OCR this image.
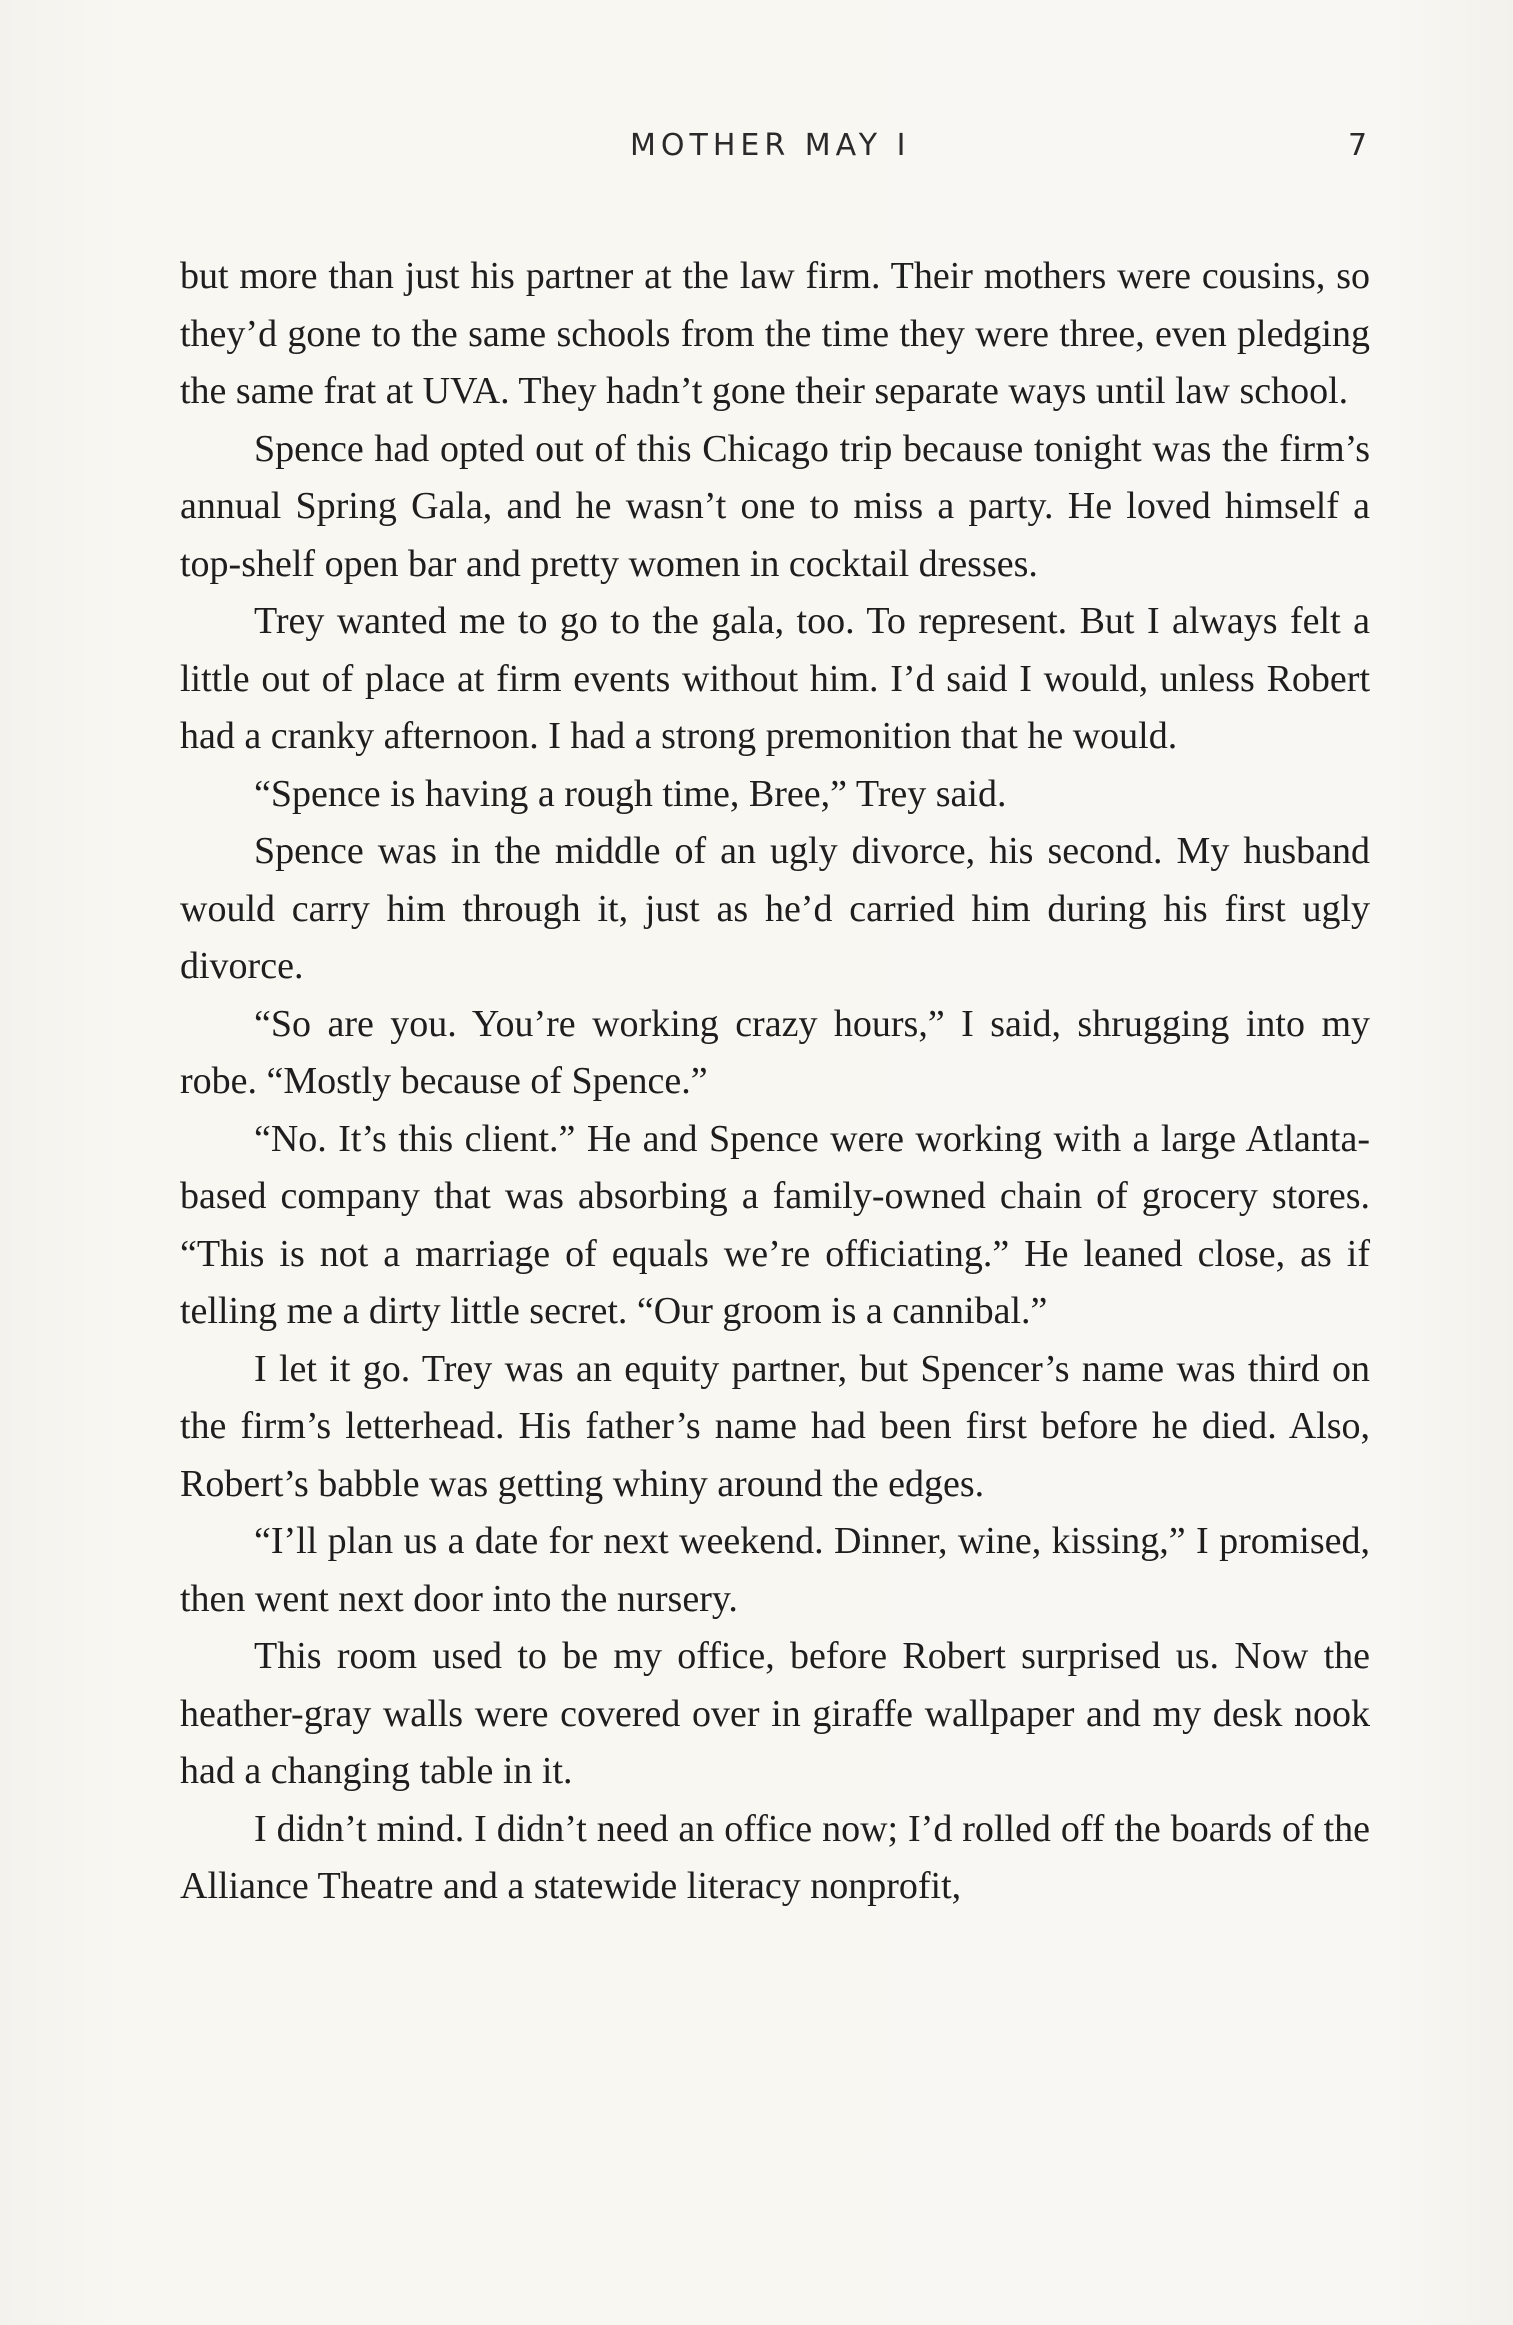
MOTHER MAY I	7

but more than just his partner at the law firm. Their mothers were cousins, so they’d gone to the same schools from the time they were three, even pledging the same frat at UVA. They hadn’t gone their separate ways until law school.

Spence had opted out of this Chicago trip because tonight was the firm’s annual Spring Gala, and he wasn’t one to miss a party. He loved himself a top-shelf open bar and pretty women in cocktail dresses.

Trey wanted me to go to the gala, too. To represent. But I always felt a little out of place at firm events without him. I’d said I would, unless Robert had a cranky afternoon. I had a strong premonition that he would.

“Spence is having a rough time, Bree,” Trey said.

Spence was in the middle of an ugly divorce, his second. My husband would carry him through it, just as he’d carried him during his first ugly divorce.

“So are you. You’re working crazy hours,” I said, shrugging into my robe. “Mostly because of Spence.”

“No. It’s this client.” He and Spence were working with a large Atlanta-based company that was absorbing a family-owned chain of grocery stores. “This is not a marriage of equals we’re officiating.” He leaned close, as if telling me a dirty little secret. “Our groom is a cannibal.”

I let it go. Trey was an equity partner, but Spencer’s name was third on the firm’s letterhead. His father’s name had been first before he died. Also, Robert’s babble was getting whiny around the edges.

“I’ll plan us a date for next weekend. Dinner, wine, kissing,” I promised, then went next door into the nursery.

This room used to be my office, before Robert surprised us. Now the heather-gray walls were covered over in giraffe wallpaper and my desk nook had a changing table in it.

I didn’t mind. I didn’t need an office now; I’d rolled off the boards of the Alliance Theatre and a statewide literacy nonprofit,
